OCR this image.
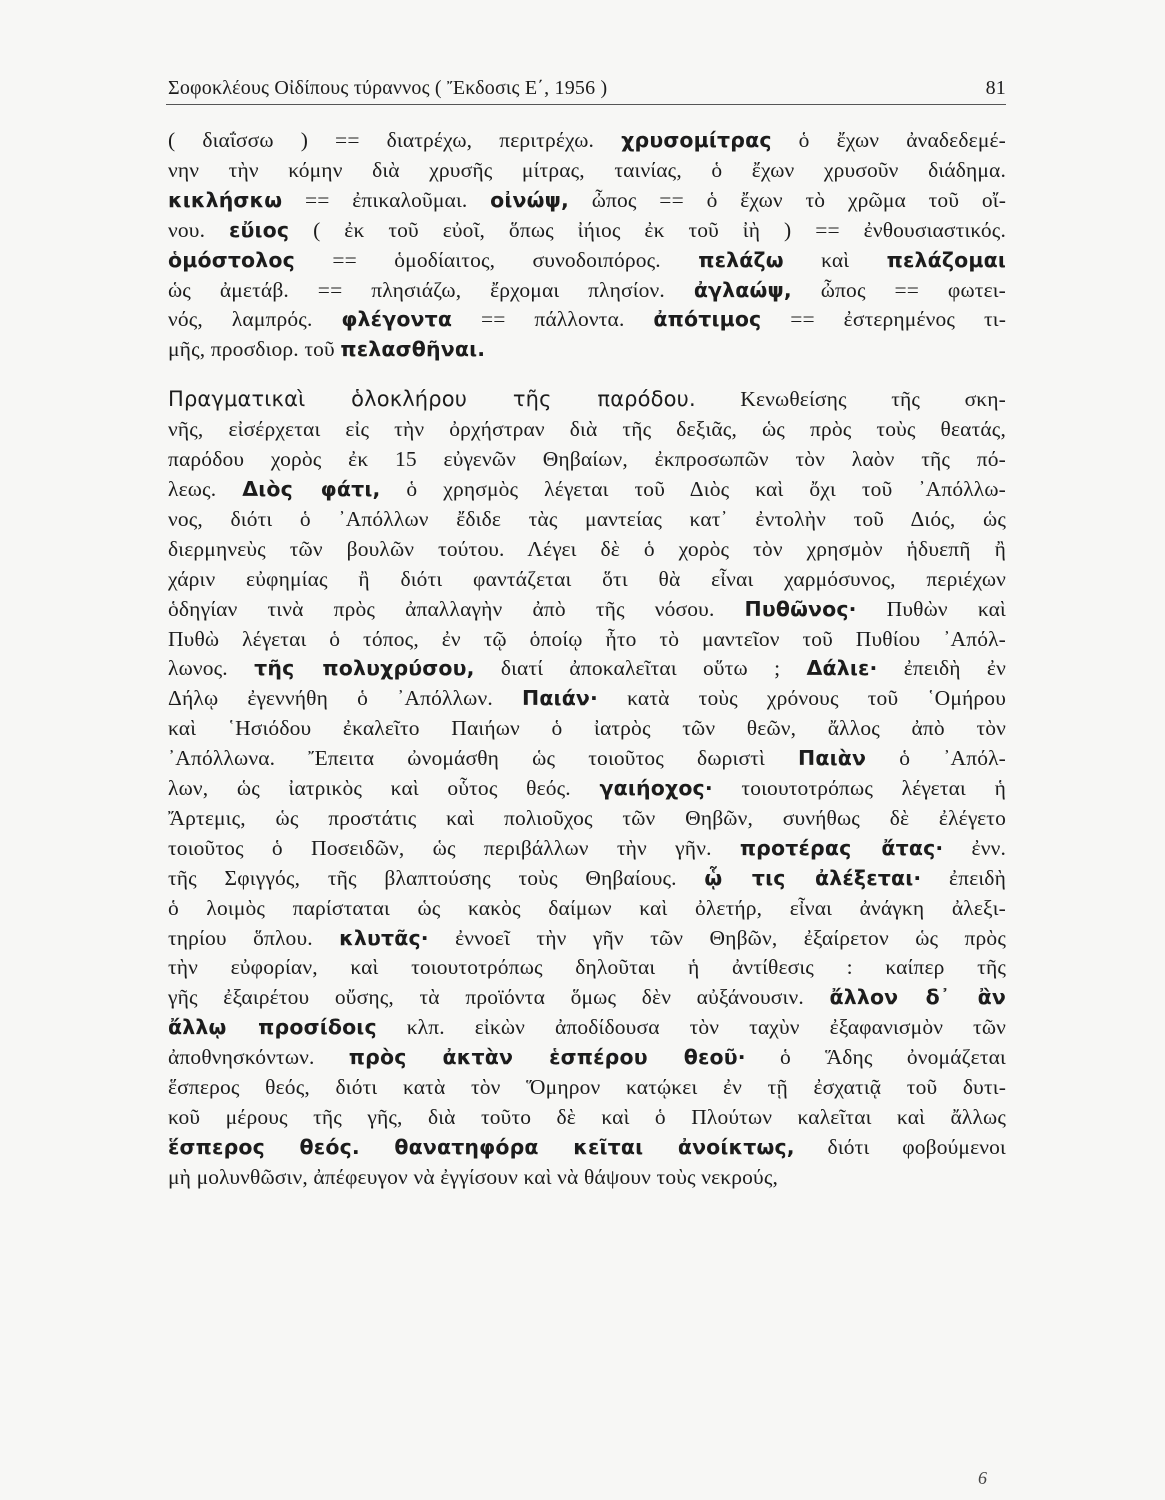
Σοφοκλέους Οἰδίπους τύραννος ( Ἔκδοσις Ε΄, 1956 )	81
( διαΐσσω ) == διατρέχω, περιτρέχω. χρυσομίτρας ὁ ἔχων ἀναδεδεμέ-
νην τὴν κόμην διὰ χρυσῆς μίτρας, ταινίας, ὁ ἔχων χρυσοῦν διάδημα.
κικλήσκω == ἐπικαλοῦμαι. οἰνώψ, ὦπος == ὁ ἔχων τὸ χρῶμα τοῦ οἴ-
νου. εὔιος ( ἐκ τοῦ εὐοῖ, ὅπως ἰήιος ἐκ τοῦ ἰὴ ) == ἐνθουσιαστικός.
ὁμόστολος == ὁμοδίαιτος, συνοδοιπόρος. πελάζω καὶ πελάζομαι
ὡς ἀμετάβ. == πλησιάζω, ἔρχομαι πλησίον. ἀγλαώψ, ὦπος == φωτει-
νός, λαμπρός. φλέγοντα == πάλλοντα. ἀπότιμος == ἐστερημένος τι-
μῆς, προσδιορ. τοῦ πελασθῆναι.
Πραγματικαὶ ὁλοκλήρου τῆς παρόδου. Κενωθείσης τῆς σκη-
νῆς, εἰσέρχεται εἰς τὴν ὀρχήστραν διὰ τῆς δεξιᾶς, ὡς πρὸς τοὺς θεατάς,
παρόδου χορὸς ἐκ 15 εὐγενῶν Θηβαίων, ἐκπροσωπῶν τὸν λαὸν τῆς πό-
λεως. Διὸς φάτι, ὁ χρησμὸς λέγεται τοῦ Διὸς καὶ ὄχι τοῦ ᾿Απόλλω-
νος, διότι ὁ ᾿Απόλλων ἔδιδε τὰς μαντείας κατ᾿ ἐντολὴν τοῦ Διός, ὡς
διερμηνεὺς τῶν βουλῶν τούτου. Λέγει δὲ ὁ χορὸς τὸν χρησμὸν ἡδυεπῆ ἢ
χάριν εὐφημίας ἢ διότι φαντάζεται ὅτι θὰ εἶναι χαρμόσυνος, περιέχων
ὁδηγίαν τινὰ πρὸς ἀπαλλαγὴν ἀπὸ τῆς νόσου. Πυθῶνος· Πυθὼν καὶ
Πυθὼ λέγεται ὁ τόπος, ἐν τῷ ὁποίῳ ἦτο τὸ μαντεῖον τοῦ Πυθίου ᾿Απόλ-
λωνος. τῆς πολυχρύσου, διατί ἀποκαλεῖται οὕτω ; Δάλιε· ἐπειδὴ ἐν
Δήλῳ ἐγεννήθη ὁ ᾿Απόλλων. Παιάν· κατὰ τοὺς χρόνους τοῦ ῾Ομήρου
καὶ ῾Ησιόδου ἐκαλεῖτο Παιήων ὁ ἰατρὸς τῶν θεῶν, ἄλλος ἀπὸ τὸν
᾿Απόλλωνα. Ἔπειτα ὠνομάσθη ὡς τοιοῦτος δωριστὶ Παιὰν ὁ ᾿Απόλ-
λων, ὡς ἰατρικὸς καὶ οὗτος θεός. γαιήοχος· τοιουτοτρόπως λέγεται ἡ
Ἄρτεμις, ὡς προστάτις καὶ πολιοῦχος τῶν Θηβῶν, συνήθως δὲ ἐλέγετο
τοιοῦτος ὁ Ποσειδῶν, ὡς περιβάλλων τὴν γῆν. προτέρας ἄτας· ἐνν.
τῆς Σφιγγός, τῆς βλαπτούσης τοὺς Θηβαίους. ᾧ τις ἀλέξεται· ἐπειδὴ
ὁ λοιμὸς παρίσταται ὡς κακὸς δαίμων καὶ ὀλετήρ, εἶναι ἀνάγκη ἀλεξι-
τηρίου ὅπλου. κλυτᾶς· ἐννοεῖ τὴν γῆν τῶν Θηβῶν, ἐξαίρετον ὡς πρὸς
τὴν εὐφορίαν, καὶ τοιουτοτρόπως δηλοῦται ἡ ἀντίθεσις : καίπερ τῆς
γῆς ἐξαιρέτου οὔσης, τὰ προϊόντα ὅμως δὲν αὐξάνουσιν. ἄλλον δ᾿ ἂν
ἄλλῳ προσίδοις κλπ. εἰκὼν ἀποδίδουσα τὸν ταχὺν ἐξαφανισμὸν τῶν
ἀποθνησκόντων. πρὸς ἀκτὰν ἑσπέρου θεοῦ· ὁ Ἅδης ὀνομάζεται
ἕσπερος θεός, διότι κατὰ τὸν Ὅμηρον κατῴκει ἐν τῇ ἐσχατιᾷ τοῦ δυτι-
κοῦ μέρους τῆς γῆς, διὰ τοῦτο δὲ καὶ ὁ Πλούτων καλεῖται καὶ ἄλλως
ἕσπερος θεός. θανατηφόρα κεῖται ἀνοίκτως, διότι φοβούμενοι
μὴ μολυνθῶσιν, ἀπέφευγον νὰ ἐγγίσουν καὶ νὰ θάψουν τοὺς νεκρούς,
6
